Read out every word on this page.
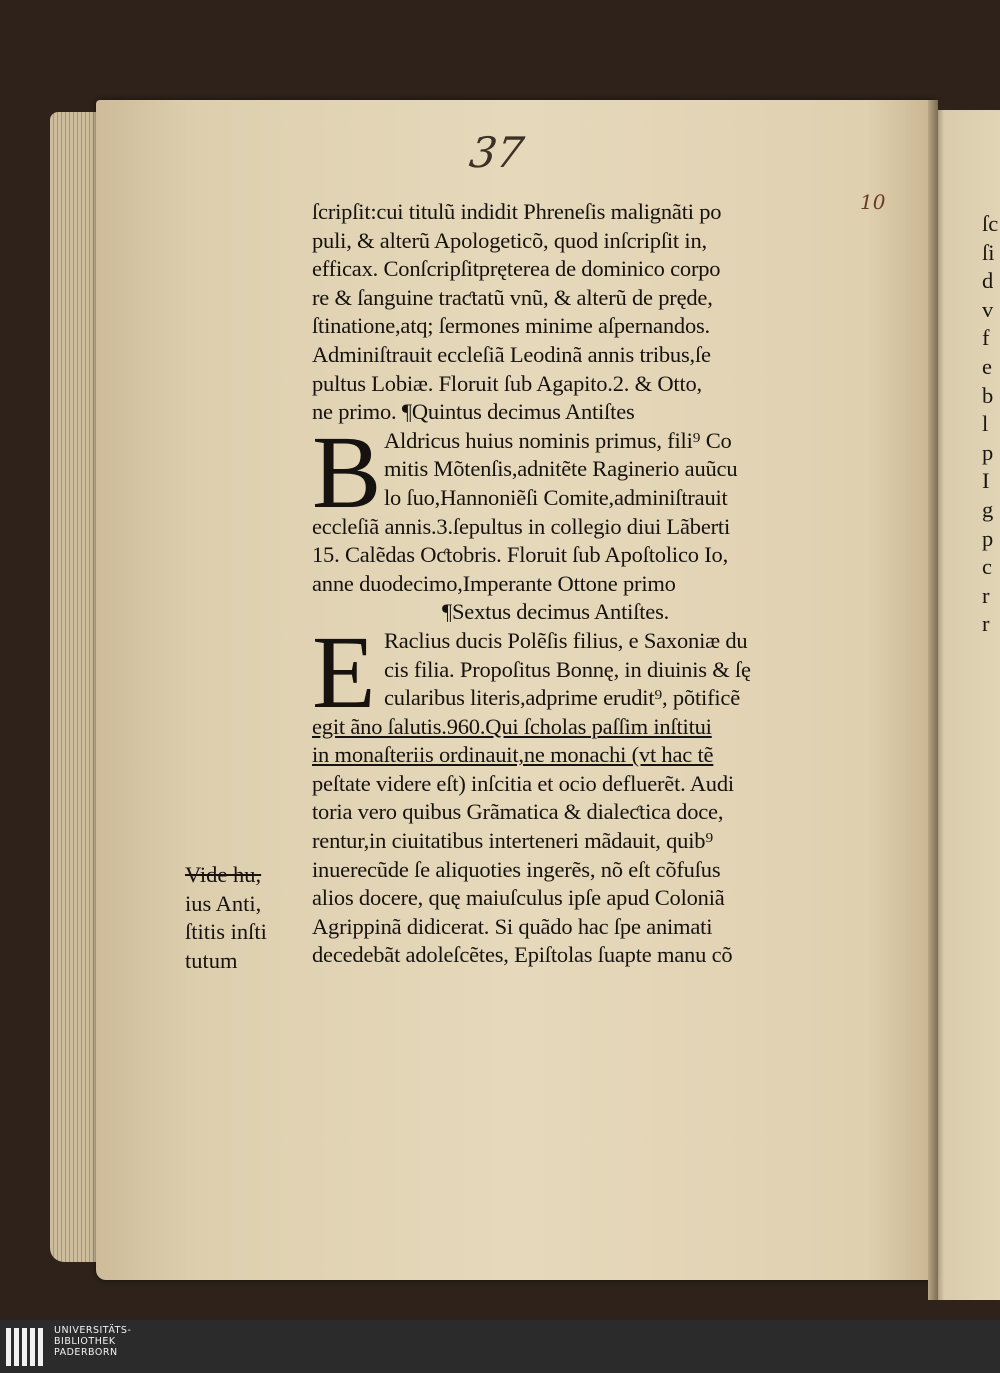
ſc
ſi
d
v
f
e
b
l
p
I
g
p
c
r
r
37
10
ſcripſit:cui titulũ indidit Phreneſis malignãti po
puli, & alterũ Apologeticõ, quod inſcripſit in,
efficax. Conſcripſitpręterea de dominico corpo
re & ſanguine traƈtatũ vnũ, & alterũ de pręde,
ſtinatione,atq; ſermones minime aſpernandos.
Adminiſtrauit eccleſiã Leodinã annis tribus,ſe
pultus Lobiæ. Floruit ſub Agapito.2. & Otto,
ne primo. ¶Quintus decimus Antiſtes
B Aldricus huius nominis primus, fili⁹ Co
mitis Mõtenſis,adnitẽte Raginerio auũcu
lo ſuo,Hannoniẽſi Comite,adminiſtrauit
eccleſiã annis.3.ſepultus in collegio diui Lãberti
15. Calẽdas Oƈtobris. Floruit ſub Apoſtolico Io,
anne duodecimo,Imperante Ottone primo
¶Sextus decimus Antiſtes.
E Raclius ducis Polẽſis filius, e Saxoniæ du
cis filia. Propoſitus Bonnę, in diuinis & ſę
cularibus literis,adprime erudit⁹, põtificẽ
egit ãno ſalutis.960.Qui ſcholas paſſim inſtitui
in monaſteriis ordinauit,ne monachi (vt hac tẽ
peſtate videre eſt) inſcitia et ocio defluerẽt. Audi
toria vero quibus Grãmatica & dialeƈtica doce,
rentur,in ciuitatibus interteneri mãdauit, quib⁹
inuerecũde ſe aliquoties ingerẽs, nõ eſt cõfuſus
alios docere, quę maiuſculus ipſe apud Coloniã
Agrippinã didicerat. Si quãdo hac ſpe animati
decedebãt adoleſcẽtes, Epiſtolas ſuapte manu cõ
Vide hu,
ius Anti,
ſtitis inſti
tutum
UNIVERSITÄTS-
BIBLIOTHEK
PADERBORN
